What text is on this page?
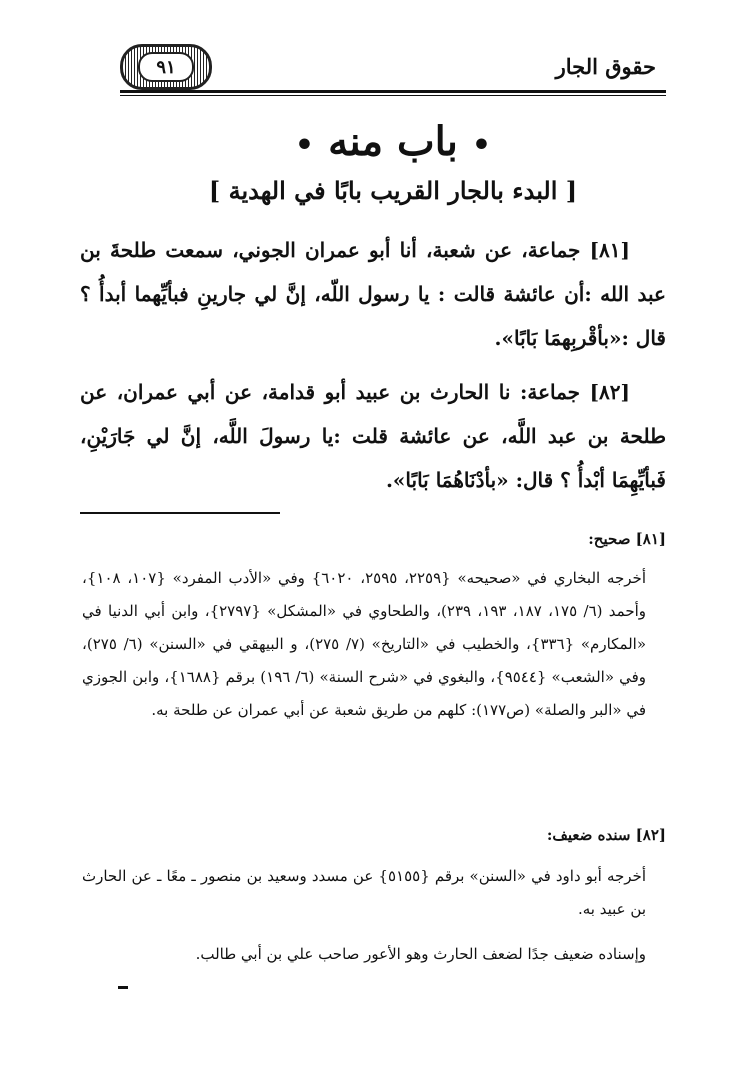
حقوق الجار
٩١
•باب منه•
[ البدء بالجار القريب بابًا في الهدية ]
[٨١] جماعة، عن شعبة، أنا أبو عمران الجوني، سمعت طلحةَ بن عبد الله :أن عائشة قالت : يا رسول اللّه، إنَّ لي جارينِ فبأيِّهما أبدأُ ؟ قال :«بأقْربِهمَا بَابًا».
[٨٢] جماعة: نا الحارث بن عبيد أبو قدامة، عن أبي عمران، عن طلحة بن عبد اللَّه، عن عائشة قلت :يا رسولَ اللَّه، إنَّ لي جَارَيْنِ، فَبأيِّهِمَا أبْدأُ ؟ قال: «بأدْنَاهُمَا بَابًا».
[٨١] صحيح:
أخرجه البخاري في «صحيحه» {٢٢٥٩، ٢٥٩٥، ٦٠٢٠} وفي «الأدب المفرد» {١٠٧، ١٠٨}، وأحمد (٦/ ١٧٥، ١٨٧، ١٩٣، ٢٣٩)، والطحاوي في «المشكل» {٢٧٩٧}، وابن أبي الدنيا في «المكارم» {٣٣٦}، والخطيب في «التاريخ» (٧/ ٢٧٥)، و البيهقي في «السنن» (٦/ ٢٧٥)، وفي «الشعب» {٩٥٤٤}، والبغوي في «شرح السنة» (٦/ ١٩٦) برقم {١٦٨٨}، وابن الجوزي في «البر والصلة» (ص١٧٧): كلهم من طريق شعبة عن أبي عمران عن طلحة به.
[٨٢] سنده ضعيف:
أخرجه أبو داود في «السنن» برقم {٥١٥٥} عن مسدد وسعيد بن منصور ـ معًا ـ عن الحارث بن عبيد به.
وإسناده ضعيف جدًا لضعف الحارث وهو الأعور صاحب علي بن أبي طالب.
